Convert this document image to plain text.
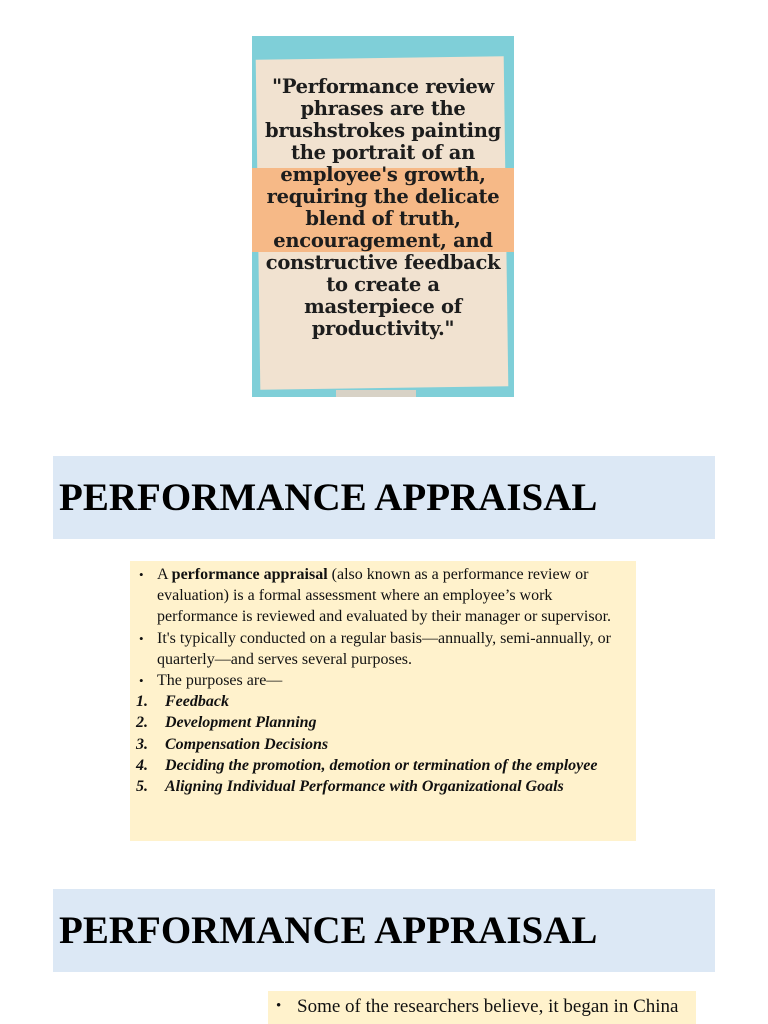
"Performance review phrases are the brushstrokes painting the portrait of an employee's growth, requiring the delicate blend of truth, encouragement, and constructive feedback to create a masterpiece of productivity."
PERFORMANCE APPRAISAL
• A performance appraisal (also known as a performance review or evaluation) is a formal assessment where an employee’s work performance is reviewed and evaluated by their manager or supervisor.
• It's typically conducted on a regular basis—annually, semi-annually, or quarterly—and serves several purposes.
• The purposes are—
1. Feedback
2. Development Planning
3. Compensation Decisions
4. Deciding the promotion, demotion or termination of the employee
5. Aligning Individual Performance with Organizational Goals
PERFORMANCE APPRAISAL
• Some of the researchers believe, it began in China
